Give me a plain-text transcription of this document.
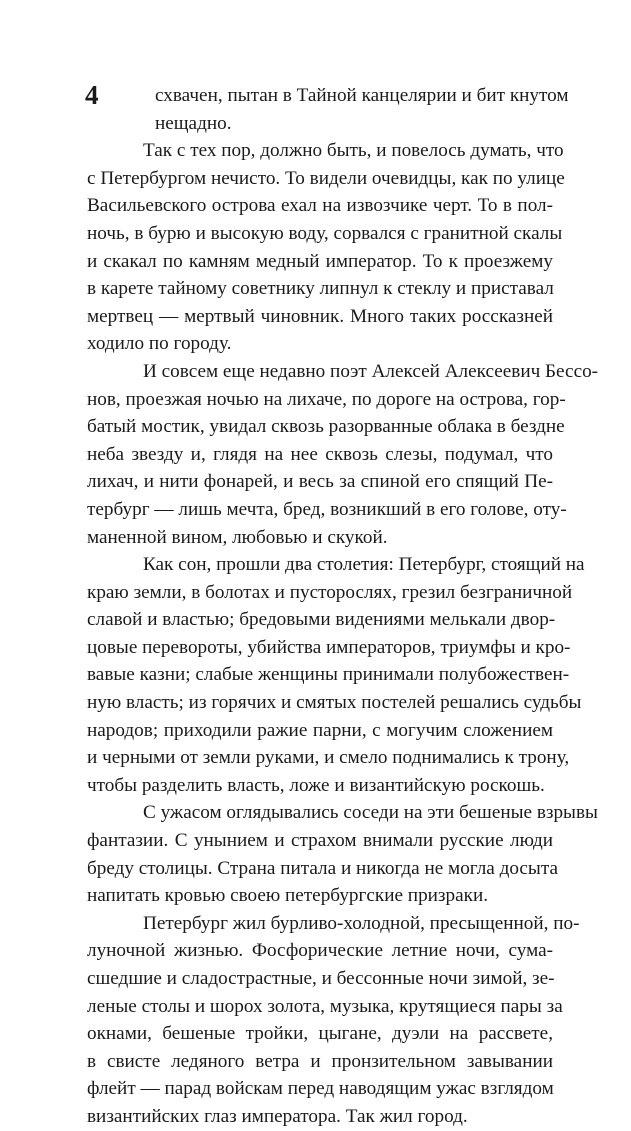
4	схвачен, пытан в Тайной канцелярии и бит кнутом
нещадно.

Так с тех пор, должно быть, и повелось думать, что
с Петербургом нечисто. То видели очевидцы, как по улице
Васильевского острова ехал на извозчике черт. То в пол-
ночь, в бурю и высокую воду, сорвался с гранитной скалы
и скакал по камням медный император. То к проезжему
в карете тайному советнику липнул к стеклу и приставал
мертвец — мертвый чиновник. Много таких россказней
ходило по городу.

И совсем еще недавно поэт Алексей Алексеевич Бессо-
нов, проезжая ночью на лихаче, по дороге на острова, гор-
батый мостик, увидал сквозь разорванные облака в бездне
неба звезду и, глядя на нее сквозь слезы, подумал, что
лихач, и нити фонарей, и весь за спиной его спящий Пе-
тербург — лишь мечта, бред, возникший в его голове, оту-
маненной вином, любовью и скукой.

Как сон, прошли два столетия: Петербург, стоящий на
краю земли, в болотах и пусторослях, грезил безграничной
славой и властью; бредовыми видениями мелькали двор-
цовые перевороты, убийства императоров, триумфы и кро-
вавые казни; слабые женщины принимали полубожествен-
ную власть; из горячих и смятых постелей решались судьбы
народов; приходили ражие парни, с могучим сложением
и черными от земли руками, и смело поднимались к трону,
чтобы разделить власть, ложе и византийскую роскошь.

С ужасом оглядывались соседи на эти бешеные взрывы
фантазии. С унынием и страхом внимали русские люди
бреду столицы. Страна питала и никогда не могла досыта
напитать кровью своею петербургские призраки.

Петербург жил бурливо-холодной, пресыщенной, по-
луночной жизнью. Фосфорические летние ночи, сума-
сшедшие и сладострастные, и бессонные ночи зимой, зе-
леные столы и шорох золота, музыка, крутящиеся пары за
окнами, бешеные тройки, цыгане, дуэли на рассвете,
в свисте ледяного ветра и пронзительном завывании
флейт — парад войскам перед наводящим ужас взглядом
византийских глаз императора. Так жил город.
